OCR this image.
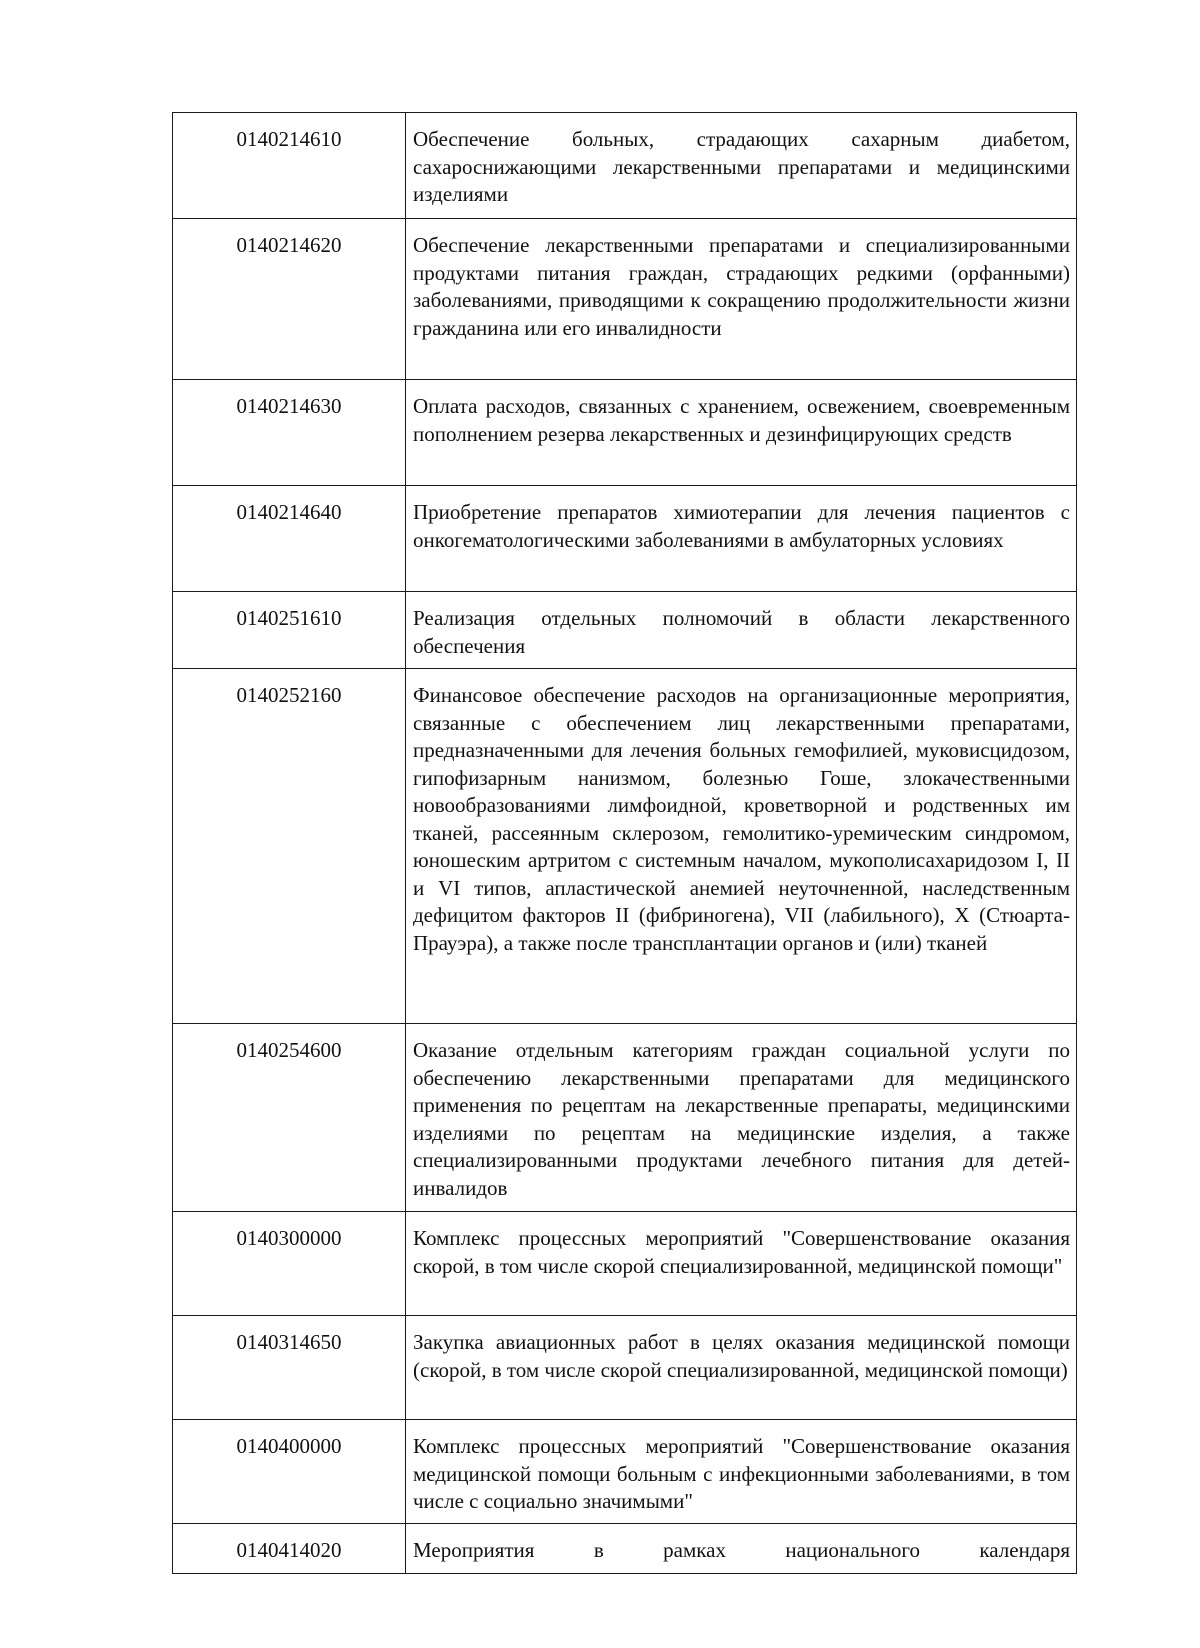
0140214610	Обеспечение больных, страдающих сахарным диабетом, сахароснижающими лекарственными препаратами и медицинскими изделиями
0140214620	Обеспечение лекарственными препаратами и специализированными продуктами питания граждан, страдающих редкими (орфанными) заболеваниями, приводящими к сокращению продолжительности жизни гражданина или его инвалидности
0140214630	Оплата расходов, связанных с хранением, освежением, своевременным пополнением резерва лекарственных и дезинфицирующих средств
0140214640	Приобретение препаратов химиотерапии для лечения пациентов с онкогематологическими заболеваниями в амбулаторных условиях
0140251610	Реализация отдельных полномочий в области лекарственного обеспечения
0140252160	Финансовое обеспечение расходов на организационные мероприятия, связанные с обеспечением лиц лекарственными препаратами, предназначенными для лечения больных гемофилией, муковисцидозом, гипофизарным нанизмом, болезнью Гоше, злокачественными новообразованиями лимфоидной, кроветворной и родственных им тканей, рассеянным склерозом, гемолитико-уремическим синдромом, юношеским артритом с системным началом, мукополисахаридозом I, II и VI типов, апластической анемией неуточненной, наследственным дефицитом факторов II (фибриногена), VII (лабильного), X (Стюарта-Прауэра), а также после трансплантации органов и (или) тканей
0140254600	Оказание отдельным категориям граждан социальной услуги по обеспечению лекарственными препаратами для медицинского применения по рецептам на лекарственные препараты, медицинскими изделиями по рецептам на медицинские изделия, а также специализированными продуктами лечебного питания для детей-инвалидов
0140300000	Комплекс процессных мероприятий "Совершенствование оказания скорой, в том числе скорой специализированной, медицинской помощи"
0140314650	Закупка авиационных работ в целях оказания медицинской помощи (скорой, в том числе скорой специализированной, медицинской помощи)
0140400000	Комплекс процессных мероприятий "Совершенствование оказания медицинской помощи больным с инфекционными заболеваниями, в том числе с социально значимыми"
0140414020	Мероприятия в рамках национального календаря
